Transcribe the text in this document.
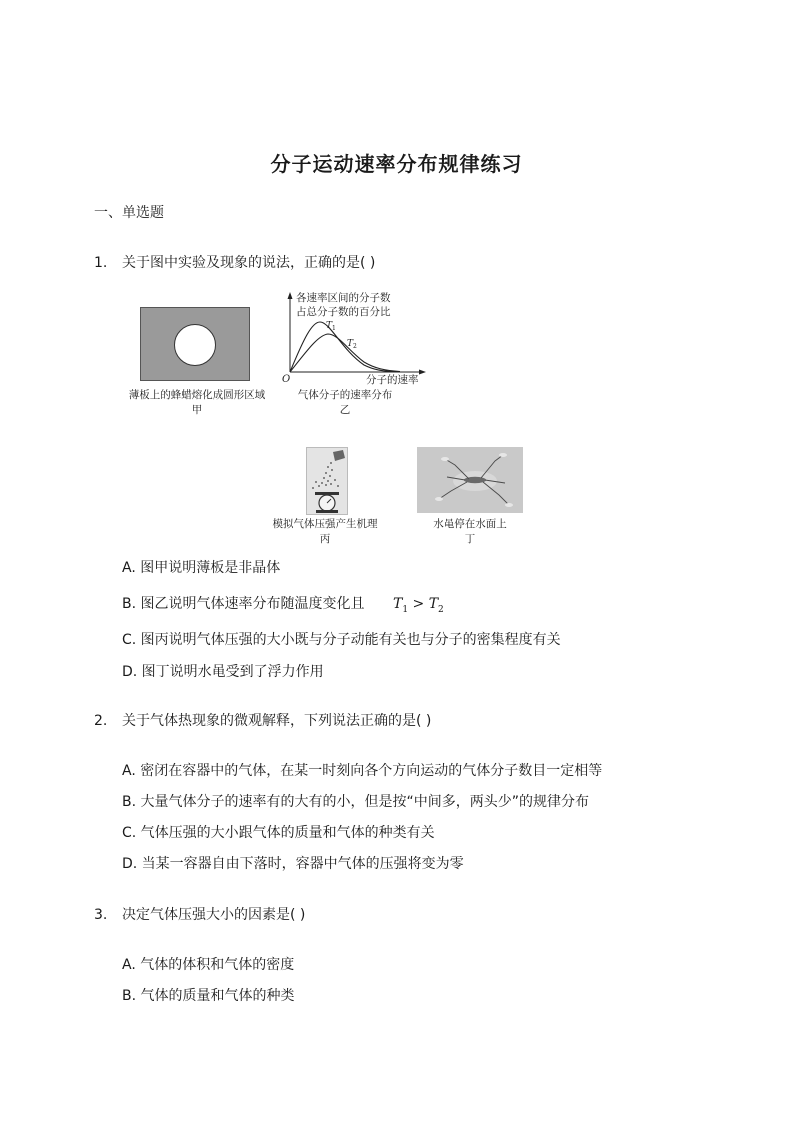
分子运动速率分布规律练习
一、单选题
1. 关于图中实验及现象的说法，正确的是( )
薄板上的蜂蜡熔化成圆形区域
甲
O
$T_1$
$T_2$
各速率区间的分子数
占总分子数的百分比
分子的速率
气体分子的速率分布
乙
模拟气体压强产生机理
丙
水黾停在水面上
丁
A. 图甲说明薄板是非晶体
B. 图乙说明气体速率分布随温度变化且 $T_1 > T_2$
C. 图丙说明气体压强的大小既与分子动能有关也与分子的密集程度有关
D. 图丁说明水黾受到了浮力作用
2. 关于气体热现象的微观解释，下列说法正确的是( )
A. 密闭在容器中的气体，在某一时刻向各个方向运动的气体分子数目一定相等
B. 大量气体分子的速率有的大有的小，但是按“中间多，两头少”的规律分布
C. 气体压强的大小跟气体的质量和气体的种类有关
D. 当某一容器自由下落时，容器中气体的压强将变为零
3. 决定气体压强大小的因素是( )
A. 气体的体积和气体的密度
B. 气体的质量和气体的种类
